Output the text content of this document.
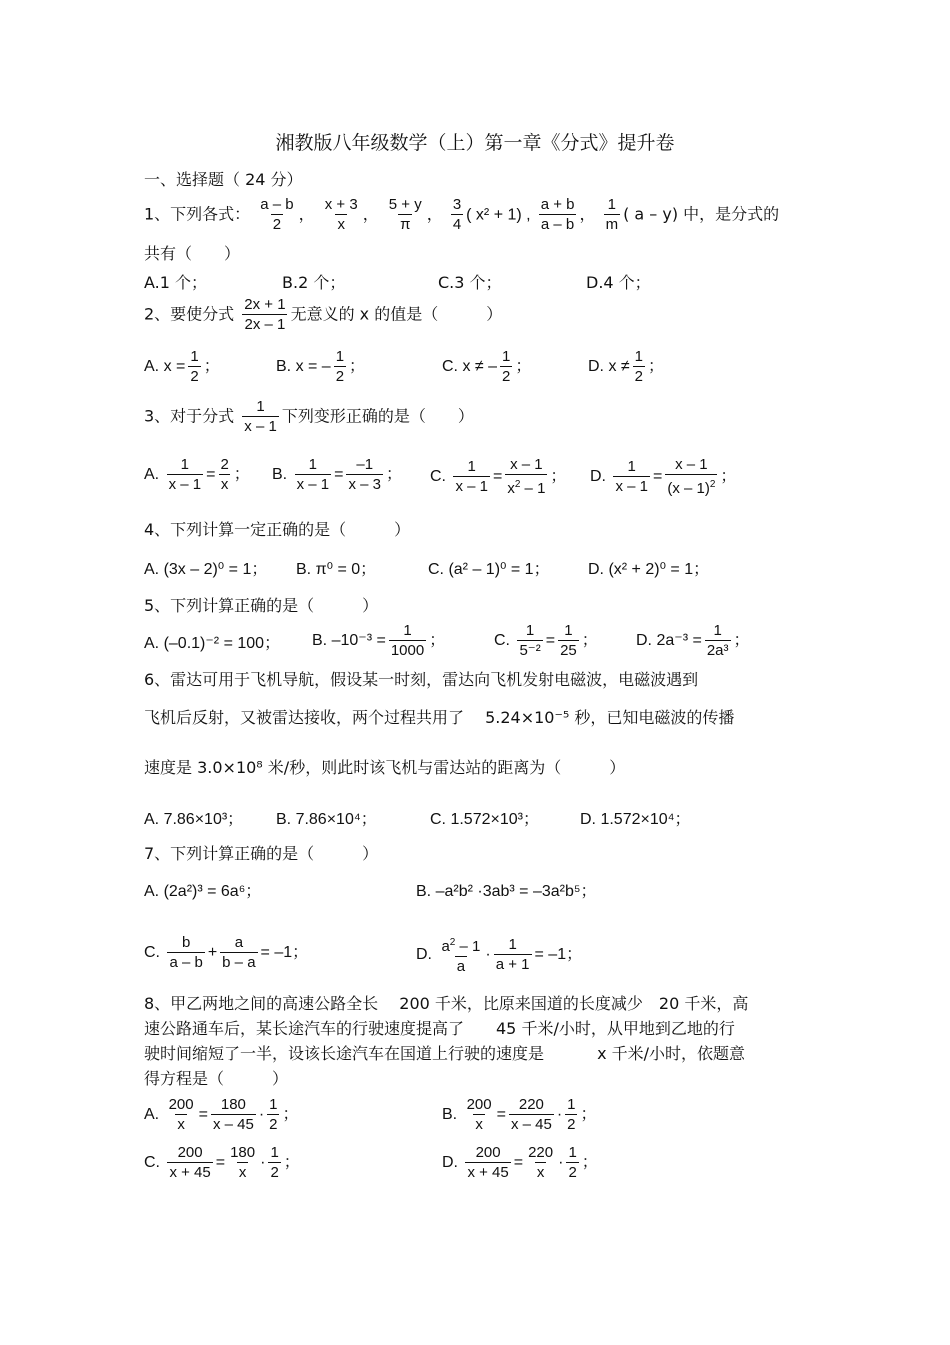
湘教版八年级数学（上）第一章《分式》提升卷
一、选择题（ 24 分）
1、下列各式： $\frac{a - b}{2}$ ， $\frac{x + 3}{x}$ ， $\frac{5 + y}{\pi}$ ， $\frac{3}{4}$ ( x² + 1) , $\frac{a + b}{a - b}$ ， $\frac{1}{m}$ ( a – y) 中，是分式的
共有（　　）
A.1 个；	B.2 个；	C.3 个；	D.4 个；
2、要使分式 $\frac{2x + 1}{2x - 1}$ 无意义的 x 的值是（　　　）
A. $x = \frac{1}{2}$ ；	B. x = – $\frac{1}{2}$ ；	C. x ≠ – $\frac{1}{2}$ ；	D. $x \ne \frac{1}{2}$ ；
3、对于分式 $\frac{1}{x - 1}$ 下列变形正确的是（　　）
A. $\frac{1}{x - 1} = \frac{2}{x}$ ； B. $\frac{1}{x - 1} = \frac{-1}{x - 3}$ ； C. $\frac{1}{x - 1} = \frac{x - 1}{x^2 - 1}$ ； D. $\frac{1}{x - 1} = \frac{x - 1}{(x - 1)^2}$ ；
4、下列计算一定正确的是（　　　）
A. (3x – 2)⁰ = 1； B. π⁰ = 0；	C. (a² – 1)⁰ = 1； D. (x² + 2)⁰ = 1；
5、下列计算正确的是（　　　）
A. (–0.1)⁻² = 100； B. $-10^{-3} = \frac{1}{1000}$ ；	C. $\frac{1}{\text{5⁻²}} = \frac{1}{25}$ ； D. $2a^{-3} = \frac{1}{\text{2a³}}$ ；
6、雷达可用于飞机导航，假设某一时刻，雷达向飞机发射电磁波，电磁波遇到
飞机后反射，又被雷达接收，两个过程共用了　 5.24×10⁻⁵ 秒，已知电磁波的传播
速度是 3.0×10⁸ 米/秒，则此时该飞机与雷达站的距离为（　　　）
A. 7.86×10³； B. 7.86×10⁴；	C. 1.572×10³；	D. 1.572×10⁴；
7、下列计算正确的是（　　　）
A. (2a²)³ = 6a⁶；	B. –a²b² ·3ab³ = –3a²b⁵；
C. $\frac{b}{a - b} + \frac{a}{b - a} = -1$；	D. $\frac{a^2 - 1}{a} \cdot \frac{1}{a + 1} = -1$；
8、甲乙两地之间的高速公路全长　 200 千米，比原来国道的长度减少　20 千米，高
速公路通车后，某长途汽车的行驶速度提高了　　45 千米/小时，从甲地到乙地的行
驶时间缩短了一半，设该长途汽车在国道上行驶的速度是　　　 x 千米/小时，依题意
得方程是（　　　）
A. $\frac{200}{x} = \frac{180}{x - 45} \cdot \frac{1}{2}$ ；	B. $\frac{200}{x} = \frac{220}{x - 45} \cdot \frac{1}{2}$ ；
C. $\frac{200}{x + 45} = \frac{180}{x} \cdot \frac{1}{2}$ ；	D. $\frac{200}{x + 45} = \frac{220}{x} \cdot \frac{1}{2}$ ；
